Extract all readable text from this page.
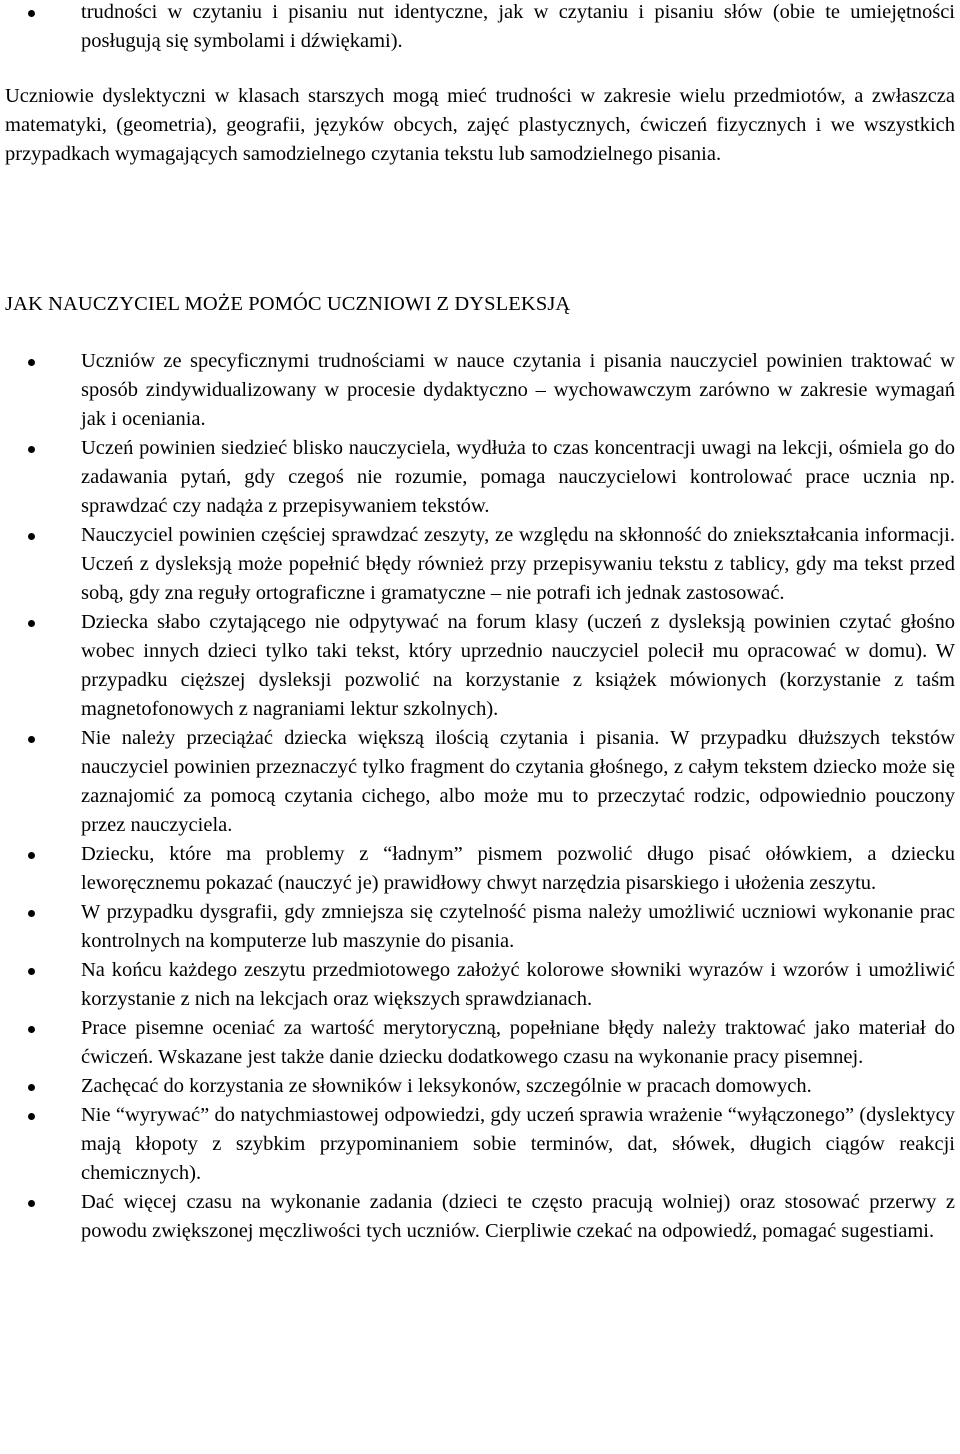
trudności w czytaniu i pisaniu nut identyczne, jak w czytaniu i pisaniu słów (obie te umiejętności posługują się symbolami i dźwiękami).

Uczniowie dyslektyczni w klasach starszych mogą mieć trudności w zakresie wielu przedmiotów, a zwłaszcza matematyki, (geometria), geografii, języków obcych, zajęć plastycznych, ćwiczeń fizycznych i we wszystkich przypadkach wymagających samodzielnego czytania tekstu lub samodzielnego pisania.

JAK NAUCZYCIEL MOŻE POMÓC UCZNIOWI Z DYSLEKSJĄ
Uczniów ze specyficznymi trudnościami w nauce czytania i pisania nauczyciel powinien traktować w sposób zindywidualizowany w procesie dydaktyczno – wychowawczym zarówno w zakresie wymagań jak i oceniania.
Uczeń powinien siedzieć blisko nauczyciela, wydłuża to czas koncentracji uwagi na lekcji, ośmiela go do zadawania pytań, gdy czegoś nie rozumie, pomaga nauczycielowi kontrolować prace ucznia np. sprawdzać czy nadąża z przepisywaniem tekstów.
Nauczyciel powinien częściej sprawdzać zeszyty, ze względu na skłonność do zniekształcania informacji. Uczeń z dysleksją może popełnić błędy również przy przepisywaniu tekstu z tablicy, gdy ma tekst przed sobą, gdy zna reguły ortograficzne i gramatyczne – nie potrafi ich jednak zastosować.
Dziecka słabo czytającego nie odpytywać na forum klasy (uczeń z dysleksją powinien czytać głośno wobec innych dzieci tylko taki tekst, który uprzednio nauczyciel polecił mu opracować w domu). W przypadku cięższej dysleksji pozwolić na korzystanie z książek mówionych (korzystanie z taśm magnetofonowych z nagraniami lektur szkolnych).
Nie należy przeciążać dziecka większą ilością czytania i pisania. W przypadku dłuższych tekstów nauczyciel powinien przeznaczyć tylko fragment do czytania głośnego, z całym tekstem dziecko może się zaznajomić za pomocą czytania cichego, albo może mu to przeczytać rodzic, odpowiednio pouczony przez nauczyciela.
Dziecku, które ma problemy z “ładnym” pismem pozwolić długo pisać ołówkiem, a dziecku leworęcznemu pokazać (nauczyć je) prawidłowy chwyt narzędzia pisarskiego i ułożenia zeszytu.
W przypadku dysgrafii, gdy zmniejsza się czytelność pisma należy umożliwić uczniowi wykonanie prac kontrolnych na komputerze lub maszynie do pisania.
Na końcu każdego zeszytu przedmiotowego założyć kolorowe słowniki wyrazów i wzorów i umożliwić korzystanie z nich na lekcjach oraz większych sprawdzianach.
Prace pisemne oceniać za wartość merytoryczną, popełniane błędy należy traktować jako materiał do ćwiczeń. Wskazane jest także danie dziecku dodatkowego czasu na wykonanie pracy pisemnej.
Zachęcać do korzystania ze słowników i leksykonów, szczególnie w pracach domowych.
Nie “wyrywać” do natychmiastowej odpowiedzi, gdy uczeń sprawia wrażenie “wyłączonego” (dyslektycy mają kłopoty z szybkim przypominaniem sobie terminów, dat, słówek, długich ciągów reakcji chemicznych).
Dać więcej czasu na wykonanie zadania (dzieci te często pracują wolniej) oraz stosować przerwy z powodu zwiększonej męczliwości tych uczniów. Cierpliwie czekać na odpowiedź, pomagać sugestiami.
